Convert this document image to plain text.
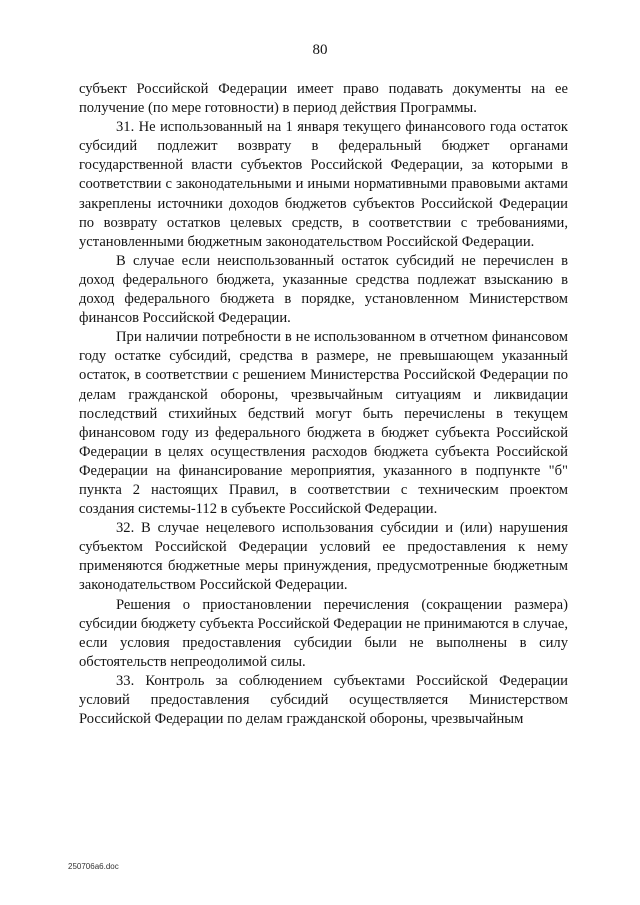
80

субъект Российской Федерации имеет право подавать документы на ее получение (по мере готовности) в период действия Программы.

31. Не использованный на 1 января текущего финансового года остаток субсидий подлежит возврату в федеральный бюджет органами государственной власти субъектов Российской Федерации, за которыми в соответствии с законодательными и иными нормативными правовыми актами закреплены источники доходов бюджетов субъектов Российской Федерации по возврату остатков целевых средств, в соответствии с требованиями, установленными бюджетным законодательством Российской Федерации.

В случае если неиспользованный остаток субсидий не перечислен в доход федерального бюджета, указанные средства подлежат взысканию в доход федерального бюджета в порядке, установленном Министерством финансов Российской Федерации.

При наличии потребности в не использованном в отчетном финансовом году остатке субсидий, средства в размере, не превышающем указанный остаток, в соответствии с решением Министерства Российской Федерации по делам гражданской обороны, чрезвычайным ситуациям и ликвидации последствий стихийных бедствий могут быть перечислены в текущем финансовом году из федерального бюджета в бюджет субъекта Российской Федерации в целях осуществления расходов бюджета субъекта Российской Федерации на финансирование мероприятия, указанного в подпункте "б" пункта 2 настоящих Правил, в соответствии с техническим проектом создания системы-112 в субъекте Российской Федерации.

32. В случае нецелевого использования субсидии и (или) нарушения субъектом Российской Федерации условий ее предоставления к нему применяются бюджетные меры принуждения, предусмотренные бюджетным законодательством Российской Федерации.

Решения о приостановлении перечисления (сокращении размера) субсидии бюджету субъекта Российской Федерации не принимаются в случае, если условия предоставления субсидии были не выполнены в силу обстоятельств непреодолимой силы.

33. Контроль за соблюдением субъектами Российской Федерации условий предоставления субсидий осуществляется Министерством Российской Федерации по делам гражданской обороны, чрезвычайным

250706a6.doc
